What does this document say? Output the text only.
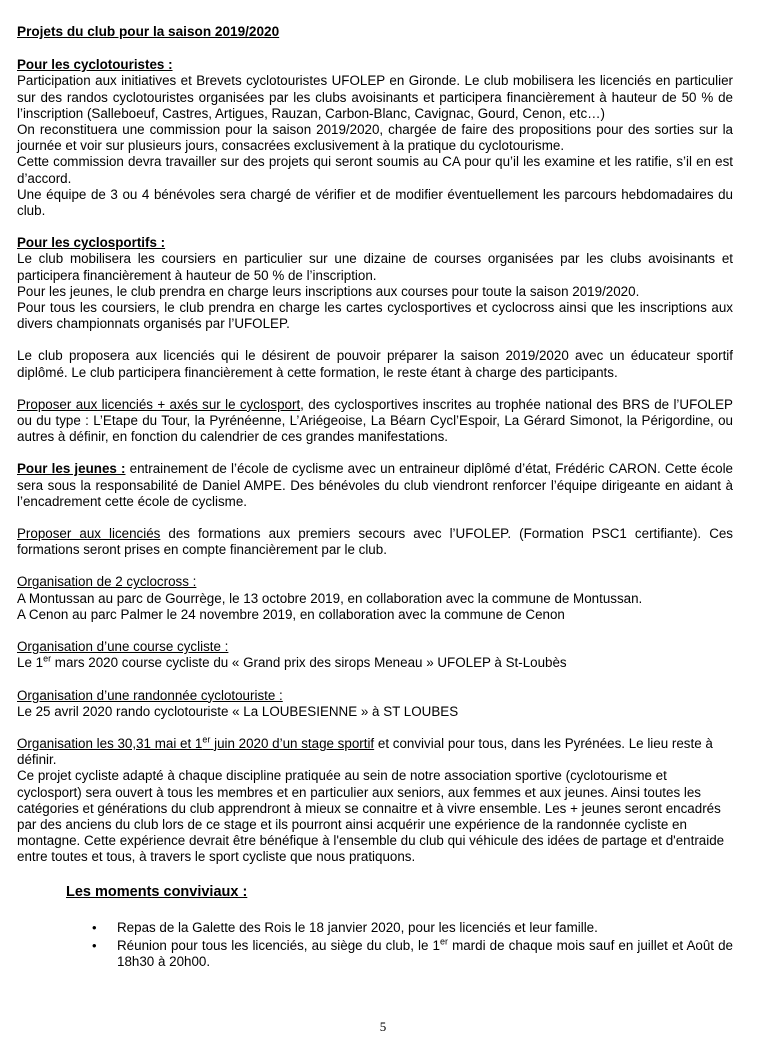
Projets du club pour la saison 2019/2020

Pour les cyclotouristes :

Participation aux initiatives et Brevets cyclotouristes UFOLEP en Gironde. Le club mobilisera les licenciés en particulier sur des randos cyclotouristes organisées par les clubs avoisinants et participera financièrement à hauteur de 50 % de l’inscription (Salleboeuf, Castres, Artigues, Rauzan, Carbon-Blanc, Cavignac, Gourd, Cenon, etc…)

On reconstituera une commission pour la saison 2019/2020, chargée de faire des propositions pour des sorties sur la journée et voir sur plusieurs jours, consacrées exclusivement à la pratique du cyclotourisme.

Cette commission devra travailler sur des projets qui seront soumis au CA pour qu’il les examine et les ratifie, s’il en est d’accord.

Une équipe de 3 ou 4 bénévoles sera chargé de vérifier et de modifier éventuellement les parcours hebdomadaires du club.

Pour les cyclosportifs :

Le club mobilisera les coursiers en particulier sur une dizaine de courses organisées par les clubs avoisinants et participera financièrement à hauteur de 50 % de l’inscription.

Pour les jeunes, le club prendra en charge leurs inscriptions aux courses pour toute la saison 2019/2020.

Pour tous les coursiers, le club prendra en charge les cartes cyclosportives et cyclocross ainsi que les inscriptions aux divers championnats organisés par l’UFOLEP.

Le club proposera aux licenciés qui le désirent de pouvoir préparer la saison 2019/2020 avec un éducateur sportif diplômé. Le club participera financièrement à cette formation, le reste étant à charge des participants.

Proposer aux licenciés + axés sur le cyclosport, des cyclosportives inscrites au trophée national des BRS de l’UFOLEP ou du type : L’Etape du Tour, la Pyrénéenne, L’Ariégeoise, La Béarn Cycl’Espoir, La Gérard Simonot, la Périgordine, ou autres à définir, en fonction du calendrier de ces grandes manifestations.

Pour les jeunes : entrainement de l’école de cyclisme avec un entraineur diplômé d’état, Frédéric CARON. Cette école sera sous la responsabilité de Daniel AMPE. Des bénévoles du club viendront renforcer l’équipe dirigeante en aidant à l’encadrement cette école de cyclisme.

Proposer aux licenciés des formations aux premiers secours avec l’UFOLEP. (Formation PSC1 certifiante). Ces formations seront prises en compte financièrement par le club.

Organisation de 2 cyclocross :

A Montussan au parc de Gourrège, le 13 octobre 2019, en collaboration avec la commune de Montussan.

A Cenon au parc Palmer le 24 novembre 2019, en collaboration avec la commune de Cenon

Organisation d’une course cycliste :

Le 1er mars 2020 course cycliste du « Grand prix des sirops Meneau » UFOLEP à St-Loubès

Organisation d’une randonnée cyclotouriste :

Le 25 avril 2020 rando cyclotouriste « La LOUBESIENNE » à ST LOUBES

Organisation les 30,31 mai et 1er juin 2020 d’un stage sportif et convivial pour tous, dans les Pyrénées. Le lieu reste à définir.

Ce projet cycliste adapté à chaque discipline pratiquée au sein de notre association sportive (cyclotourisme et cyclosport) sera ouvert à tous les membres et en particulier aux seniors, aux femmes et aux jeunes. Ainsi toutes les catégories et générations du club apprendront à mieux se connaitre et à vivre ensemble. Les + jeunes seront encadrés par des anciens du club lors de ce stage et ils pourront ainsi acquérir une expérience de la randonnée cycliste en montagne. Cette expérience devrait être bénéfique à l'ensemble du club qui véhicule des idées de partage et d'entraide entre toutes et tous, à travers le sport cycliste que nous pratiquons.

Les moments conviviaux :

• Repas de la Galette des Rois le 18 janvier 2020, pour les licenciés et leur famille.
• Réunion pour tous les licenciés, au siège du club, le 1er mardi de chaque mois sauf en juillet et Août de 18h30 à 20h00.
5
